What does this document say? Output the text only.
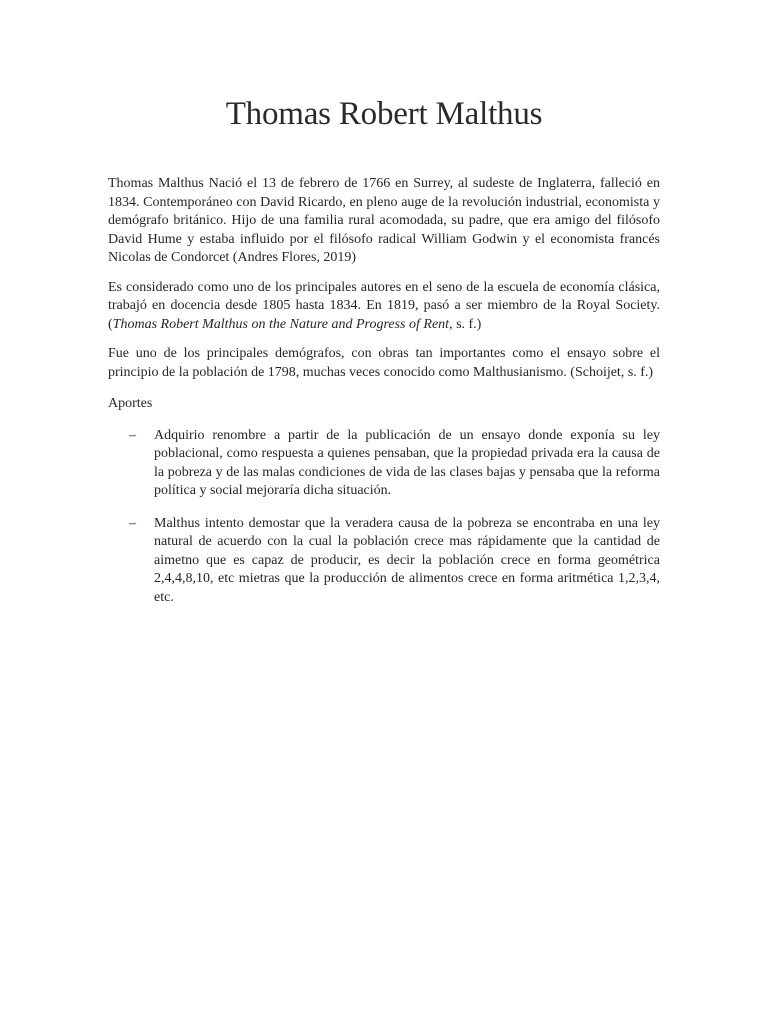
Thomas Robert Malthus

Thomas Malthus Nació el 13 de febrero de 1766 en Surrey, al sudeste de Inglaterra, falleció en 1834. Contemporáneo con David Ricardo, en pleno auge de la revolución industrial, economista y demógrafo británico. Hijo de una familia rural acomodada, su padre, que era amigo del filósofo David Hume y estaba influido por el filósofo radical William Godwin y el economista francés Nicolas de Condorcet (Andres Flores, 2019)

Es considerado como uno de los principales autores en el seno de la escuela de economía clásica, trabajó en docencia desde 1805 hasta 1834. En 1819, pasó a ser miembro de la Royal Society. (Thomas Robert Malthus on the Nature and Progress of Rent, s. f.)

Fue uno de los principales demógrafos, con obras tan importantes como el ensayo sobre el principio de la población de 1798, muchas veces conocido como Malthusianismo. (Schoijet, s. f.)

Aportes

–	Adquirio renombre a partir de la publicación de un ensayo donde exponía su ley poblacional, como respuesta a quienes pensaban, que la propiedad privada era la causa de la pobreza y de las malas condiciones de vida de las clases bajas y pensaba que la reforma política y social mejoraría dicha situación.
–	Malthus intento demostar que la veradera causa de la pobreza se encontraba en una ley natural de acuerdo con la cual la población crece mas rápidamente que la cantidad de aimetno que es capaz de producir, es decir la población crece en forma geométrica 2,4,4,8,10, etc mietras que la producción de alimentos crece en forma aritmética 1,2,3,4, etc.
